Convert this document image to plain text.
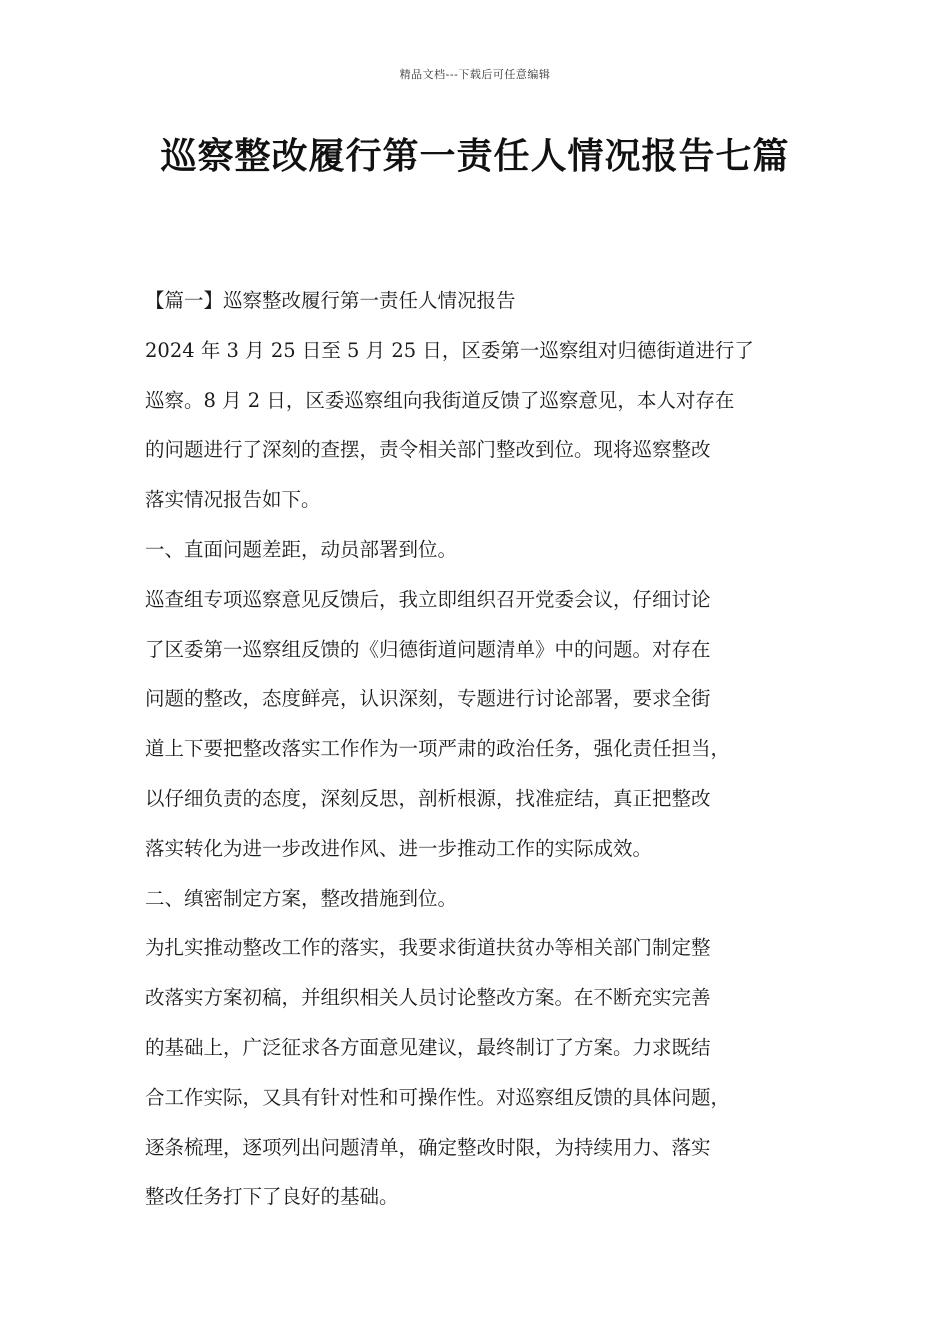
精品文档---下载后可任意编辑
巡察整改履行第一责任人情况报告七篇
【篇一】巡察整改履行第一责任人情况报告
2024 年 3 月 25 日至 5 月 25 日，区委第一巡察组对归德街道进行了
巡察。8 月 2 日，区委巡察组向我街道反馈了巡察意见，本人对存在
的问题进行了深刻的查摆，责令相关部门整改到位。现将巡察整改
落实情况报告如下。
一、直面问题差距，动员部署到位。
巡查组专项巡察意见反馈后，我立即组织召开党委会议，仔细讨论
了区委第一巡察组反馈的《归德街道问题清单》中的问题。对存在
问题的整改，态度鲜亮，认识深刻，专题进行讨论部署，要求全街
道上下要把整改落实工作作为一项严肃的政治任务，强化责任担当，
以仔细负责的态度，深刻反思，剖析根源，找准症结，真正把整改
落实转化为进一步改进作风、进一步推动工作的实际成效。
二、缜密制定方案，整改措施到位。
为扎实推动整改工作的落实，我要求街道扶贫办等相关部门制定整
改落实方案初稿，并组织相关人员讨论整改方案。在不断充实完善
的基础上，广泛征求各方面意见建议，最终制订了方案。力求既结
合工作实际，又具有针对性和可操作性。对巡察组反馈的具体问题，
逐条梳理，逐项列出问题清单，确定整改时限，为持续用力、落实
整改任务打下了良好的基础。
